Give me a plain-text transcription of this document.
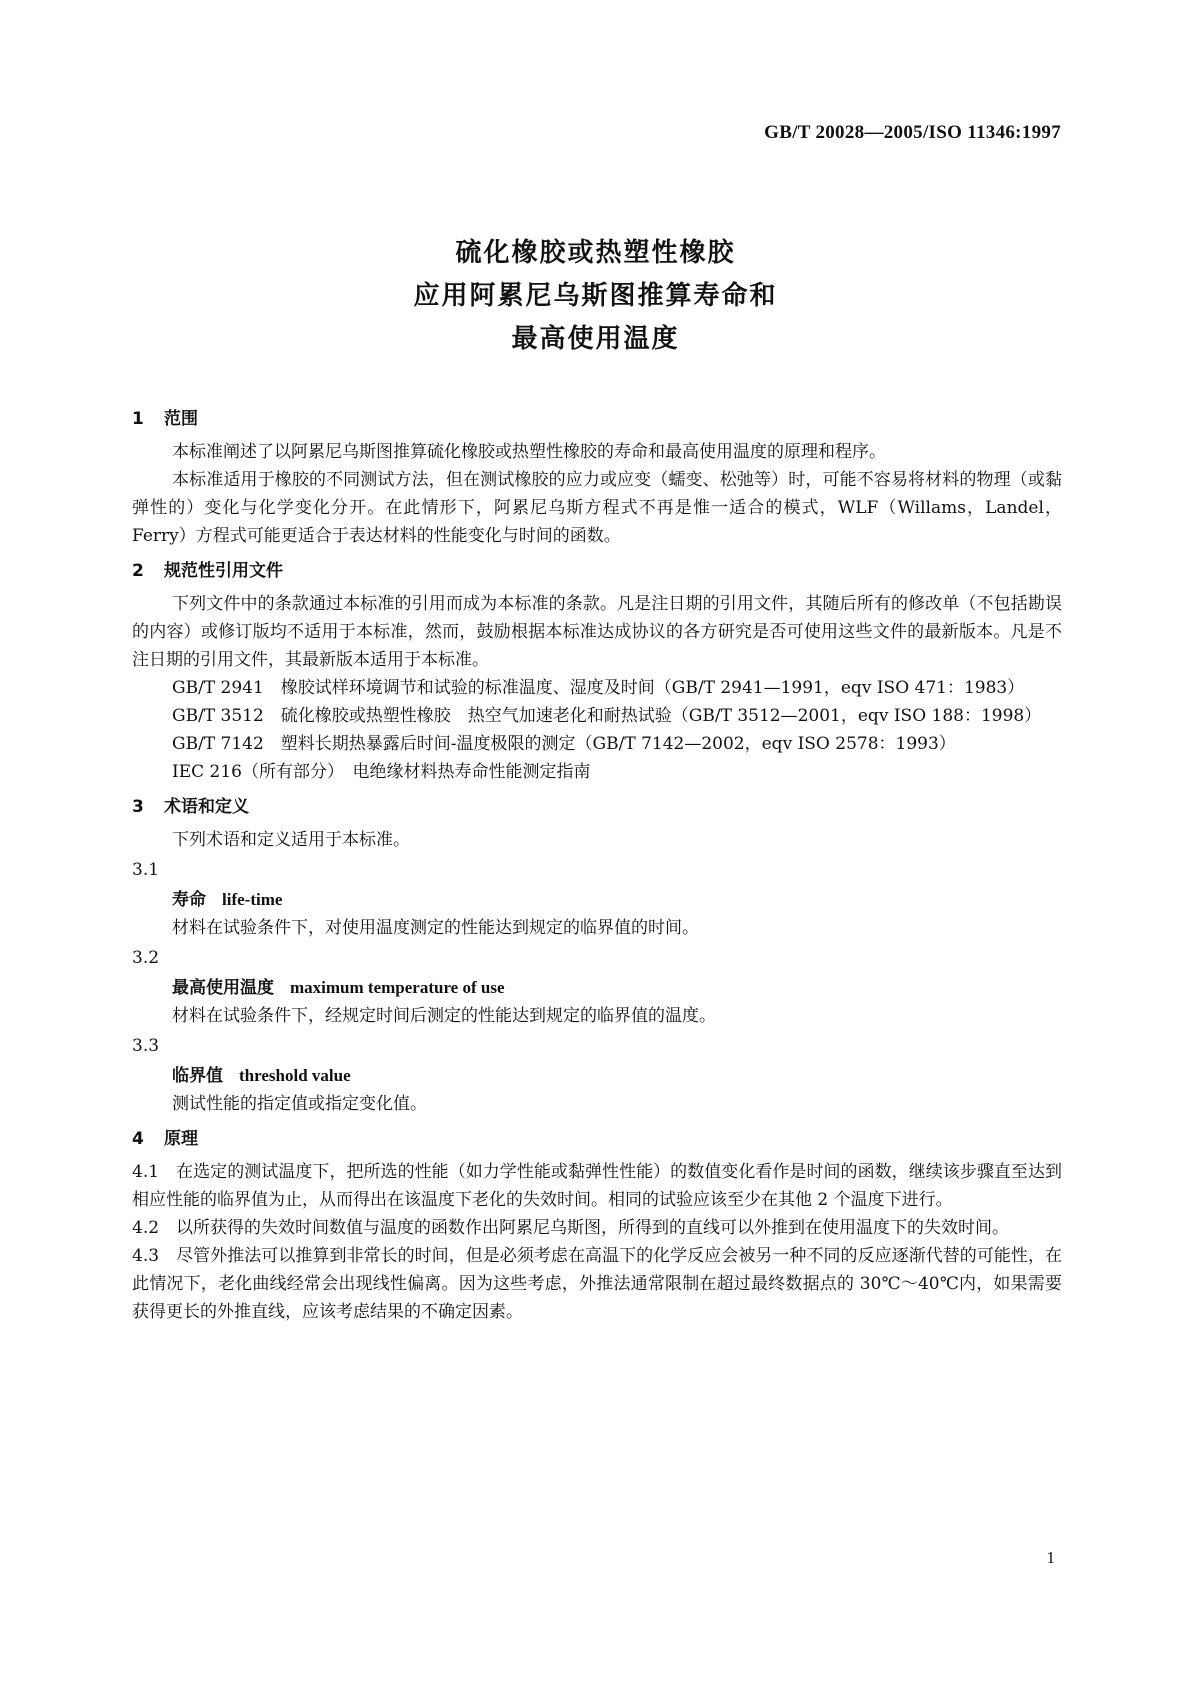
GB/T 20028—2005/ISO 11346:1997
硫化橡胶或热塑性橡胶
应用阿累尼乌斯图推算寿命和
最高使用温度
1 范围

本标准阐述了以阿累尼乌斯图推算硫化橡胶或热塑性橡胶的寿命和最高使用温度的原理和程序。

本标准适用于橡胶的不同测试方法，但在测试橡胶的应力或应变（蠕变、松弛等）时，可能不容易将材料的物理（或黏弹性的）变化与化学变化分开。在此情形下，阿累尼乌斯方程式不再是惟一适合的模式，WLF（Willams，Landel，Ferry）方程式可能更适合于表达材料的性能变化与时间的函数。

2 规范性引用文件

下列文件中的条款通过本标准的引用而成为本标准的条款。凡是注日期的引用文件，其随后所有的修改单（不包括勘误的内容）或修订版均不适用于本标准，然而，鼓励根据本标准达成协议的各方研究是否可使用这些文件的最新版本。凡是不注日期的引用文件，其最新版本适用于本标准。

GB/T 2941　橡胶试样环境调节和试验的标准温度、湿度及时间（GB/T 2941—1991，eqv ISO 471：1983）

GB/T 3512　硫化橡胶或热塑性橡胶　热空气加速老化和耐热试验（GB/T 3512—2001，eqv ISO 188：1998）

GB/T 7142　塑料长期热暴露后时间-温度极限的测定（GB/T 7142—2002，eqv ISO 2578：1993）

IEC 216（所有部分）　电绝缘材料热寿命性能测定指南

3 术语和定义

下列术语和定义适用于本标准。

3.1
寿命 life-time
材料在试验条件下，对使用温度测定的性能达到规定的临界值的时间。
3.2
最高使用温度 maximum temperature of use
材料在试验条件下，经规定时间后测定的性能达到规定的临界值的温度。
3.3
临界值 threshold value
测试性能的指定值或指定变化值。
4 原理

4.1　在选定的测试温度下，把所选的性能（如力学性能或黏弹性性能）的数值变化看作是时间的函数，继续该步骤直至达到相应性能的临界值为止，从而得出在该温度下老化的失效时间。相同的试验应该至少在其他 2 个温度下进行。

4.2　以所获得的失效时间数值与温度的函数作出阿累尼乌斯图，所得到的直线可以外推到在使用温度下的失效时间。

4.3　尽管外推法可以推算到非常长的时间，但是必须考虑在高温下的化学反应会被另一种不同的反应逐渐代替的可能性，在此情况下，老化曲线经常会出现线性偏离。因为这些考虑，外推法通常限制在超过最终数据点的 30℃～40℃内，如果需要获得更长的外推直线，应该考虑结果的不确定因素。

1
